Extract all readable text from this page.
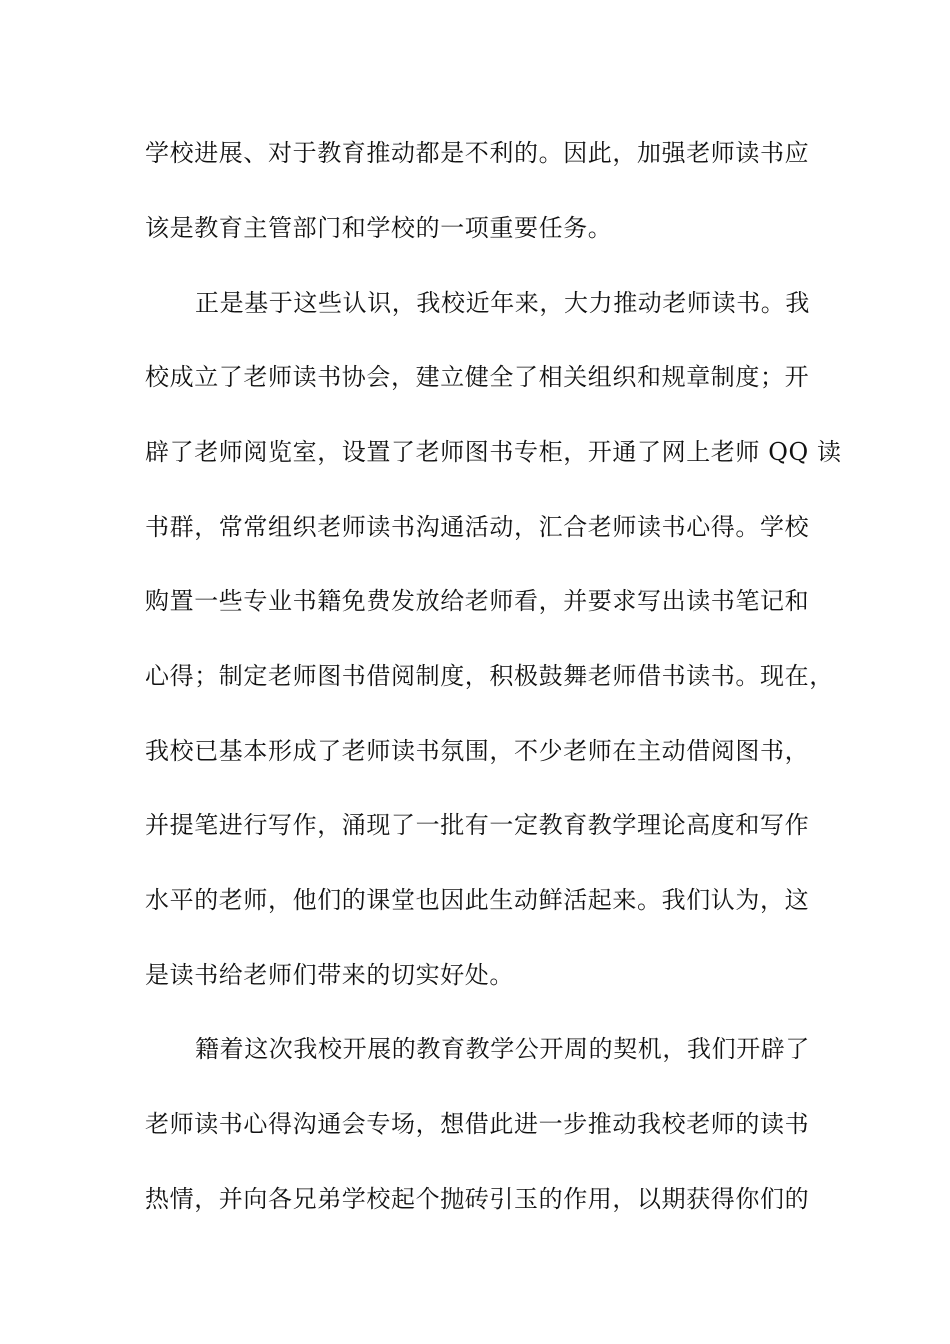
学校进展、对于教育推动都是不利的。因此，加强老师读书应
该是教育主管部门和学校的一项重要任务。
正是基于这些认识，我校近年来，大力推动老师读书。我
校成立了老师读书协会，建立健全了相关组织和规章制度；开
辟了老师阅览室，设置了老师图书专柜，开通了网上老师 QQ 读
书群，常常组织老师读书沟通活动，汇合老师读书心得。学校
购置一些专业书籍免费发放给老师看，并要求写出读书笔记和
心得；制定老师图书借阅制度，积极鼓舞老师借书读书。现在，
我校已基本形成了老师读书氛围，不少老师在主动借阅图书，
并提笔进行写作，涌现了一批有一定教育教学理论高度和写作
水平的老师，他们的课堂也因此生动鲜活起来。我们认为，这
是读书给老师们带来的切实好处。
籍着这次我校开展的教育教学公开周的契机，我们开辟了
老师读书心得沟通会专场，想借此进一步推动我校老师的读书
热情，并向各兄弟学校起个抛砖引玉的作用，以期获得你们的
